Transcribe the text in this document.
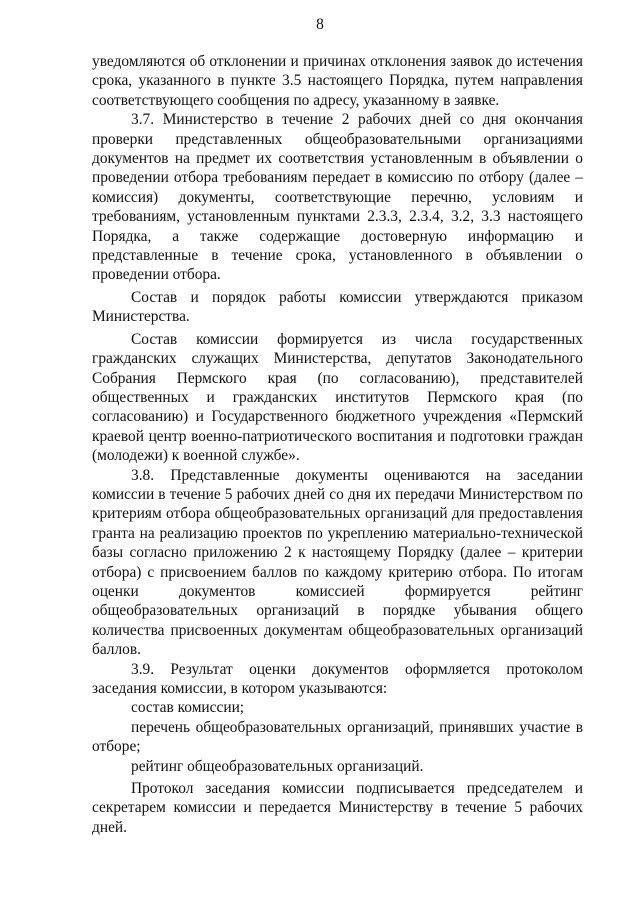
8

уведомляются об отклонении и причинах отклонения заявок до истечения срока, указанного в пункте 3.5 настоящего Порядка, путем направления соответствующего сообщения по адресу, указанному в заявке.

3.7. Министерство в течение 2 рабочих дней со дня окончания проверки представленных общеобразовательными организациями документов на предмет их соответствия установленным в объявлении о проведении отбора требованиям передает в комиссию по отбору (далее – комиссия) документы, соответствующие перечню, условиям и требованиям, установленным пунктами 2.3.3, 2.3.4, 3.2, 3.3 настоящего Порядка, а также содержащие достоверную информацию и представленные в течение срока, установленного в объявлении о проведении отбора.

Состав и порядок работы комиссии утверждаются приказом Министерства.

Состав комиссии формируется из числа государственных гражданских служащих Министерства, депутатов Законодательного Собрания Пермского края (по согласованию), представителей общественных и гражданских институтов Пермского края (по согласованию) и Государственного бюджетного учреждения «Пермский краевой центр военно-патриотического воспитания и подготовки граждан (молодежи) к военной службе».

3.8. Представленные документы оцениваются на заседании комиссии в течение 5 рабочих дней со дня их передачи Министерством по критериям отбора общеобразовательных организаций для предоставления гранта на реализацию проектов по укреплению материально-технической базы согласно приложению 2 к настоящему Порядку (далее – критерии отбора) с присвоением баллов по каждому критерию отбора. По итогам оценки документов комиссией формируется рейтинг общеобразовательных организаций в порядке убывания общего количества присвоенных документам общеобразовательных организаций баллов.

3.9. Результат оценки документов оформляется протоколом заседания комиссии, в котором указываются:

состав комиссии;

перечень общеобразовательных организаций, принявших участие в отборе;

рейтинг общеобразовательных организаций.

Протокол заседания комиссии подписывается председателем и секретарем комиссии и передается Министерству в течение 5 рабочих дней.
